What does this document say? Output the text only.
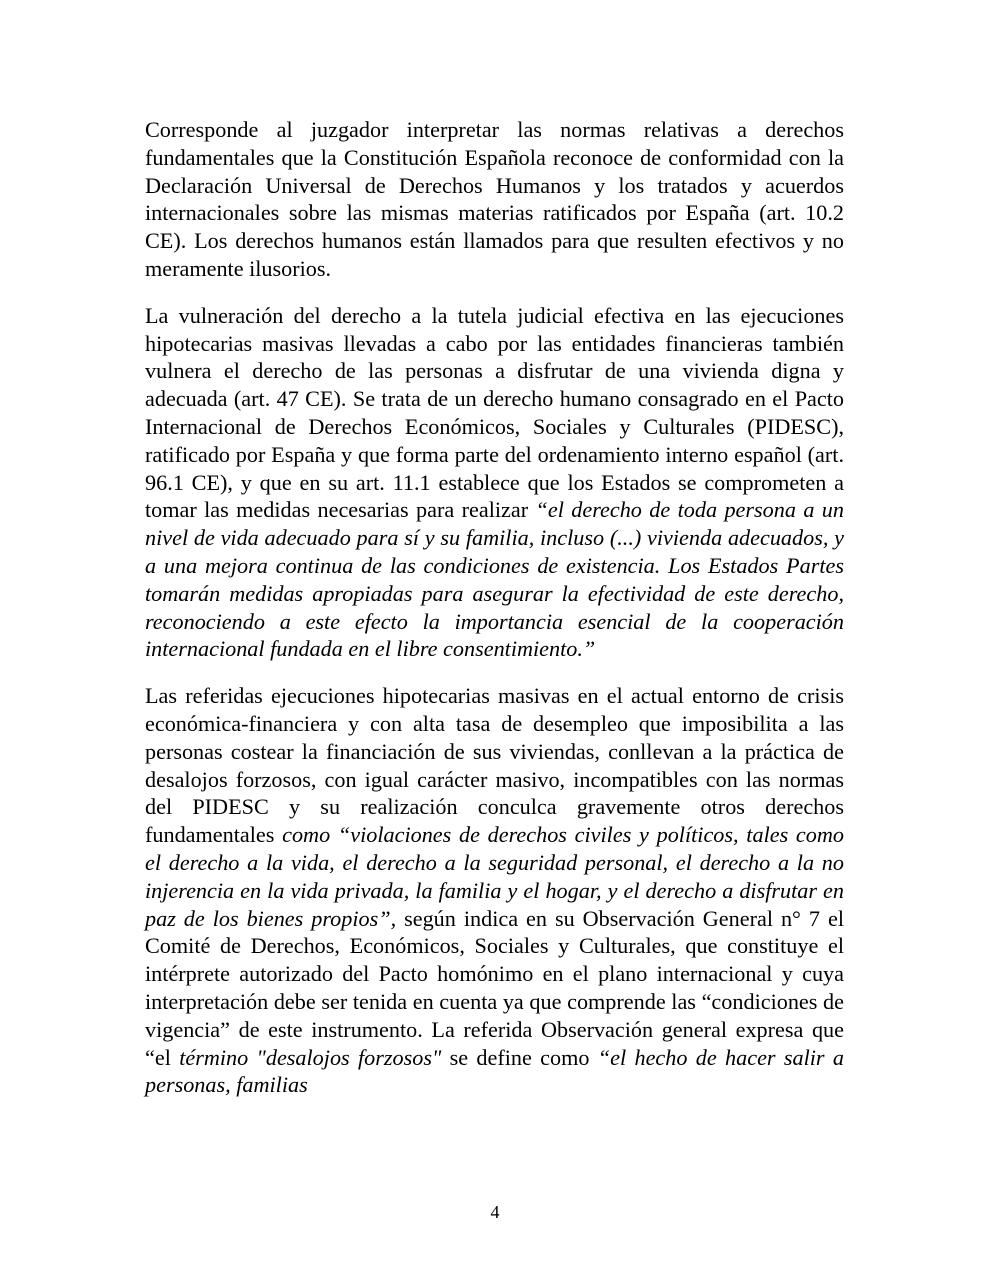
Corresponde al juzgador interpretar las normas relativas a derechos fundamentales que la Constitución Española reconoce de conformidad con la Declaración Universal de Derechos Humanos y los tratados y acuerdos internacionales sobre las mismas materias ratificados por España (art. 10.2 CE). Los derechos humanos están llamados para que resulten efectivos y no meramente ilusorios.

La vulneración del derecho a la tutela judicial efectiva en las ejecuciones hipotecarias masivas llevadas a cabo por las entidades financieras también vulnera el derecho de las personas a disfrutar de una vivienda digna y adecuada (art. 47 CE). Se trata de un derecho humano consagrado en el Pacto Internacional de Derechos Económicos, Sociales y Culturales (PIDESC), ratificado por España y que forma parte del ordenamiento interno español (art. 96.1 CE), y que en su art. 11.1 establece que los Estados se comprometen a tomar las medidas necesarias para realizar “el derecho de toda persona a un nivel de vida adecuado para sí y su familia, incluso (...) vivienda adecuados, y a una mejora continua de las condiciones de existencia. Los Estados Partes tomarán medidas apropiadas para asegurar la efectividad de este derecho, reconociendo a este efecto la importancia esencial de la cooperación internacional fundada en el libre consentimiento.”

Las referidas ejecuciones hipotecarias masivas en el actual entorno de crisis económica-financiera y con alta tasa de desempleo que imposibilita a las personas costear la financiación de sus viviendas, conllevan a la práctica de desalojos forzosos, con igual carácter masivo, incompatibles con las normas del PIDESC y su realización conculca gravemente otros derechos fundamentales como “violaciones de derechos civiles y políticos, tales como el derecho a la vida, el derecho a la seguridad personal, el derecho a la no injerencia en la vida privada, la familia y el hogar, y el derecho a disfrutar en paz de los bienes propios”, según indica en su Observación General n° 7 el Comité de Derechos, Económicos, Sociales y Culturales, que constituye el intérprete autorizado del Pacto homónimo en el plano internacional y cuya interpretación debe ser tenida en cuenta ya que comprende las “condiciones de vigencia” de este instrumento. La referida Observación general expresa que “el término "desalojos forzosos" se define como “el hecho de hacer salir a personas, familias

4
